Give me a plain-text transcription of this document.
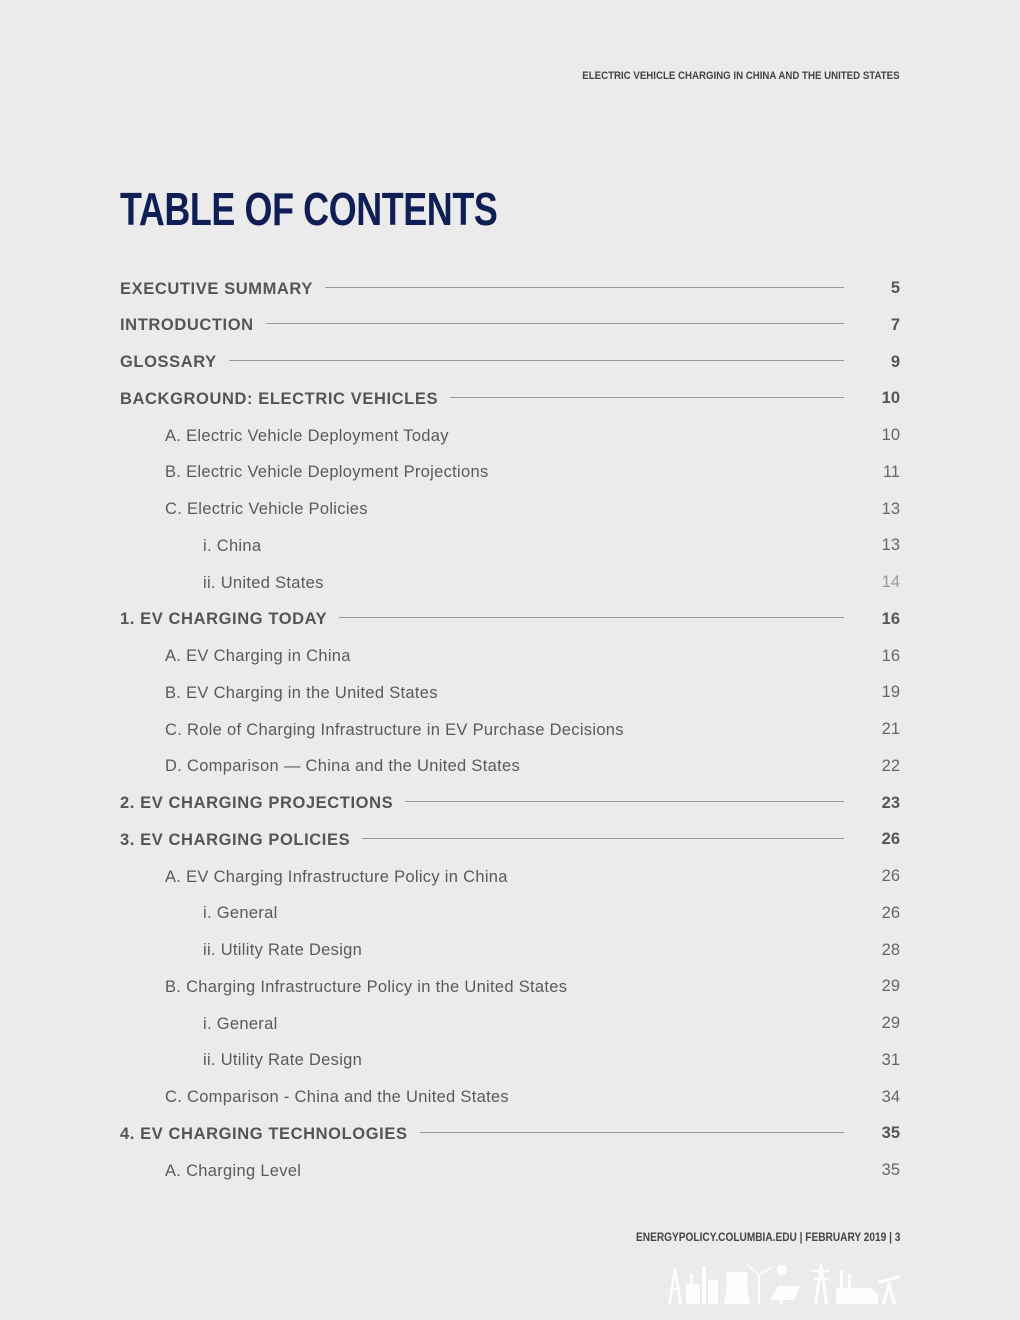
ELECTRIC VEHICLE CHARGING IN CHINA AND THE UNITED STATES
TABLE OF CONTENTS
EXECUTIVE SUMMARY	5
INTRODUCTION	7
GLOSSARY	9
BACKGROUND: ELECTRIC VEHICLES	10
A. Electric Vehicle Deployment Today	10
B. Electric Vehicle Deployment Projections	11
C. Electric Vehicle Policies	13
i. China	13
ii. United States	14
1. EV CHARGING TODAY	16
A. EV Charging in China	16
B. EV Charging in the United States	19
C. Role of Charging Infrastructure in EV Purchase Decisions	21
D. Comparison — China and the United States	22
2. EV CHARGING PROJECTIONS	23
3. EV CHARGING POLICIES	26
A. EV Charging Infrastructure Policy in China	26
i. General	26
ii. Utility Rate Design	28
B. Charging Infrastructure Policy in the United States	29
i. General	29
ii. Utility Rate Design	31
C. Comparison - China and the United States	34
4. EV CHARGING TECHNOLOGIES	35
A. Charging Level	35
ENERGYPOLICY.COLUMBIA.EDU | FEBRUARY 2019 | 3
